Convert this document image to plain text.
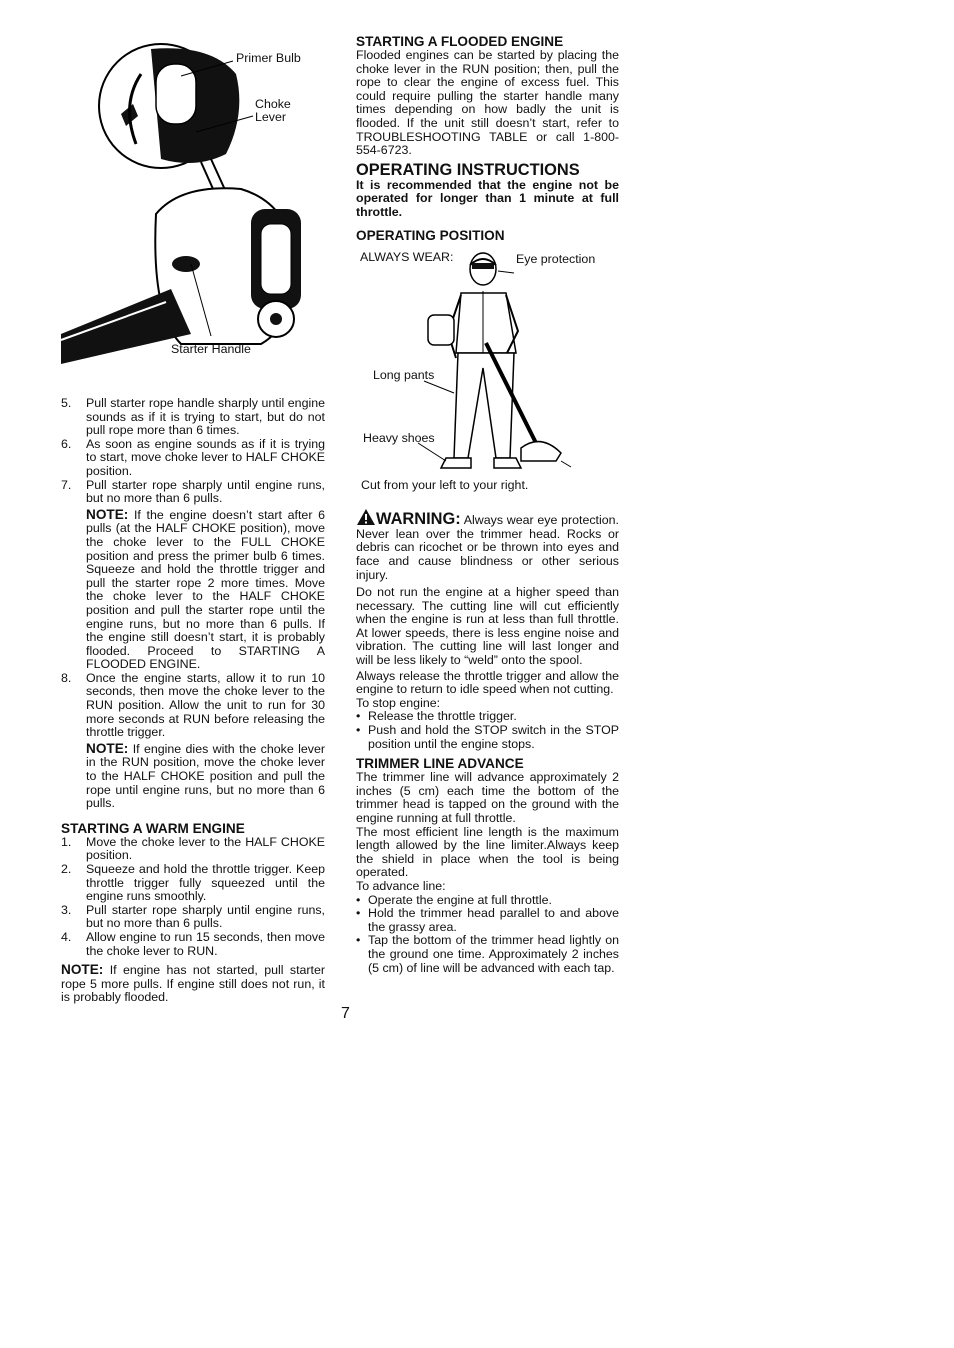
Primer Bulb
Choke
Lever
Starter Handle
5. Pull starter rope handle sharply until engine sounds as if it is trying to start, but do not pull rope more than 6 times.
6. As soon as engine sounds as if it is trying to start, move choke lever to HALF CHOKE position.
7. Pull starter rope sharply until engine runs, but no more than 6 pulls.

NOTE: If the engine doesn’t start after 6 pulls (at the HALF CHOKE position), move the choke lever to the FULL CHOKE position and press the primer bulb 6 times. Squeeze and hold the throttle trigger and pull the starter rope 2 more times. Move the choke lever to the HALF CHOKE position and pull the starter rope until the engine runs, but no more than 6 pulls. If the engine still doesn’t start, it is probably flooded. Proceed to STARTING A FLOODED ENGINE.

8. Once the engine starts, allow it to run 10 seconds, then move the choke lever to the RUN position. Allow the unit to run for 30 more seconds at RUN before releasing the throttle trigger.

NOTE: If engine dies with the choke lever in the RUN position, move the choke lever to the HALF CHOKE position and pull the rope until engine runs, but no more than 6 pulls.

STARTING A WARM ENGINE
1. Move the choke lever to the HALF CHOKE position.
2. Squeeze and hold the throttle trigger. Keep throttle trigger fully squeezed until the engine runs smoothly.
3. Pull starter rope sharply until engine runs, but no more than 6 pulls.
4. Allow engine to run 15 seconds, then move the choke lever to RUN.

NOTE: If engine has not started, pull starter rope 5 more pulls. If engine still does not run, it is probably flooded.

STARTING A FLOODED ENGINE

Flooded engines can be started by placing the choke lever in the RUN position; then, pull the rope to clear the engine of excess fuel. This could require pulling the starter handle many times depending on how badly the unit is flooded. If the unit still doesn’t start, refer to TROUBLESHOOTING TABLE or call 1-800-554-6723.

OPERATING INSTRUCTIONS

It is recommended that the engine not be operated for longer than 1 minute at full throttle.

OPERATING POSITION
ALWAYS WEAR:	Eye protection
Long pants
Heavy shoes
Cut from your left to your right.

WARNING: Always wear eye protection. Never lean over the trimmer head. Rocks or debris can ricochet or be thrown into eyes and face and cause blindness or other serious injury.

Do not run the engine at a higher speed than necessary. The cutting line will cut efficiently when the engine is run at less than full throttle. At lower speeds, there is less engine noise and vibration. The cutting line will last longer and will be less likely to “weld” onto the spool.

Always release the throttle trigger and allow the engine to return to idle speed when not cutting.

To stop engine:

• Release the throttle trigger.
• Push and hold the STOP switch in the STOP position until the engine stops.
TRIMMER LINE ADVANCE

The trimmer line will advance approximately 2 inches (5 cm) each time the bottom of the trimmer head is tapped on the ground with the engine running at full throttle.

The most efficient line length is the maximum length allowed by the line limiter.Always keep the shield in place when the tool is being operated.

To advance line:

• Operate the engine at full throttle.
• Hold the trimmer head parallel to and above the grassy area.
• Tap the bottom of the trimmer head lightly on the ground one time. Approximately 2 inches (5 cm) of line will be advanced with each tap.
7
